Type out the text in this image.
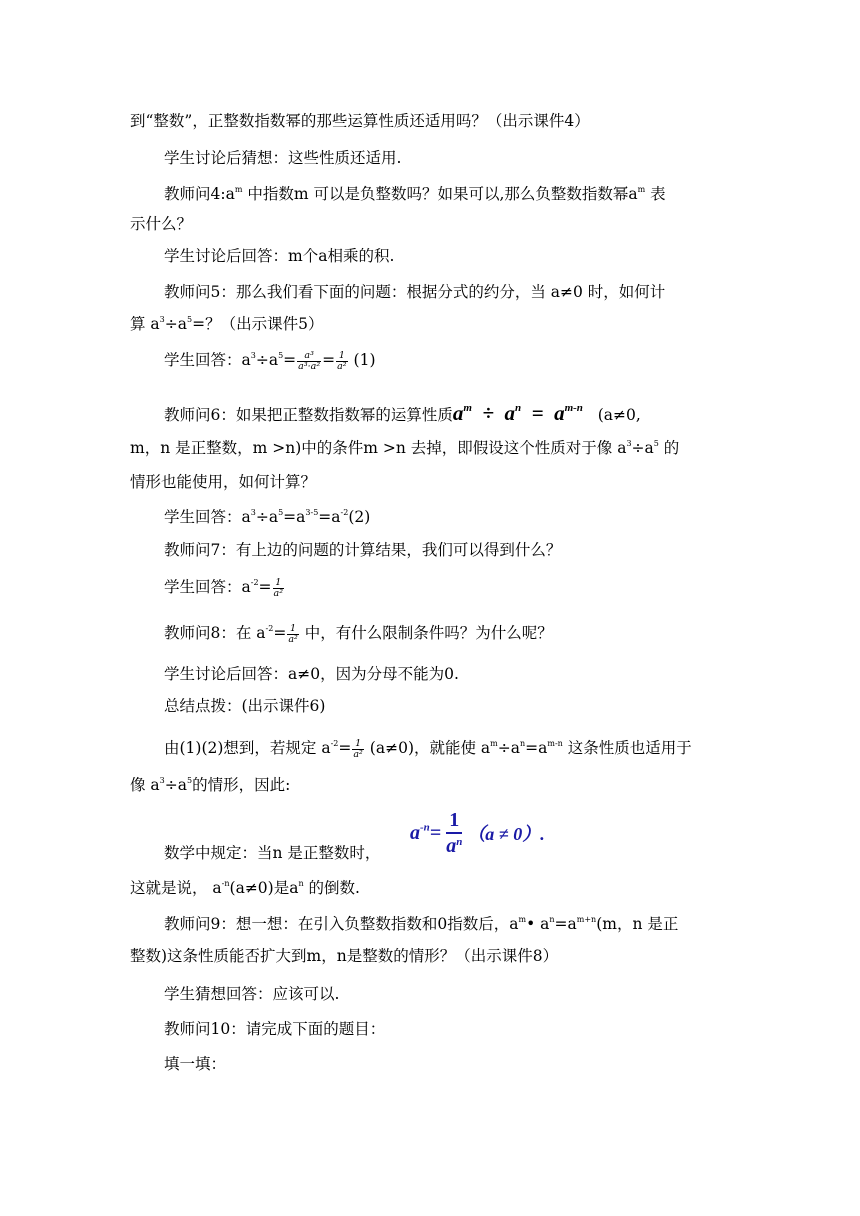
到“整数”，正整数指数幂的那些运算性质还适用吗？（出示课件4）
学生讨论后猜想：这些性质还适用.
教师问$4:a^m$ 中指数m 可以是负整数吗？如果可以,那么负整数指数幂$a^m$ 表
示什么？
学生讨论后回答：m个a相乘的积.
教师问5：那么我们看下面的问题：根据分式的约分，当 a≠0 时，如何计
算 $a^3\div a^5=$？（出示课件5）
学生回答：$a^3\div a^5= \frac{\text{a³}}{\text{a³·a²}} = \frac{1}{\text{a²}} (1)$
教师问6：如果把正整数指数幂的运算性质$a^m \div a^n = a^{m-n}$ (a≠0,
m，n 是正整数，m >n)中的条件m >n 去掉，即假设这个性质对于像 $a^3\div a^5$ 的
情形也能使用，如何计算？
学生回答：$a^3\div a^5=a^{3-5}=a^{-2}(2)$
教师问7：有上边的问题的计算结果，我们可以得到什么？
学生回答：$a^{-2}= \frac{1}{\text{a²}}$
教师问8：在 $a^{-2}= \frac{1}{\text{a²}}$ 中，有什么限制条件吗？为什么呢？
学生讨论后回答：a≠0，因为分母不能为0.
总结点拨：(出示课件6)
由(1)(2)想到，若规定 $a^{-2}= \frac{1}{\text{a²}} (a\ne 0)$，就能使 $a^m\div a^n=a^{m-n}$ 这条性质也适用于
像 $a^3\div a^5$的情形，因此:
数学中规定：当n 是正整数时，
$a^{-n}= \frac{1}{a^n} (a \ne 0)$.
这就是说， $a^{-n}(a\ne 0)$是$a^n$ 的倒数.
教师问9：想一想：在引入负整数指数和0指数后，$a^m•$ $a^n=a^{m+n}(m$，n 是正
整数)这条性质能否扩大到m，n是整数的情形？（出示课件8）
学生猜想回答：应该可以.
教师问10：请完成下面的题目：
填一填：
